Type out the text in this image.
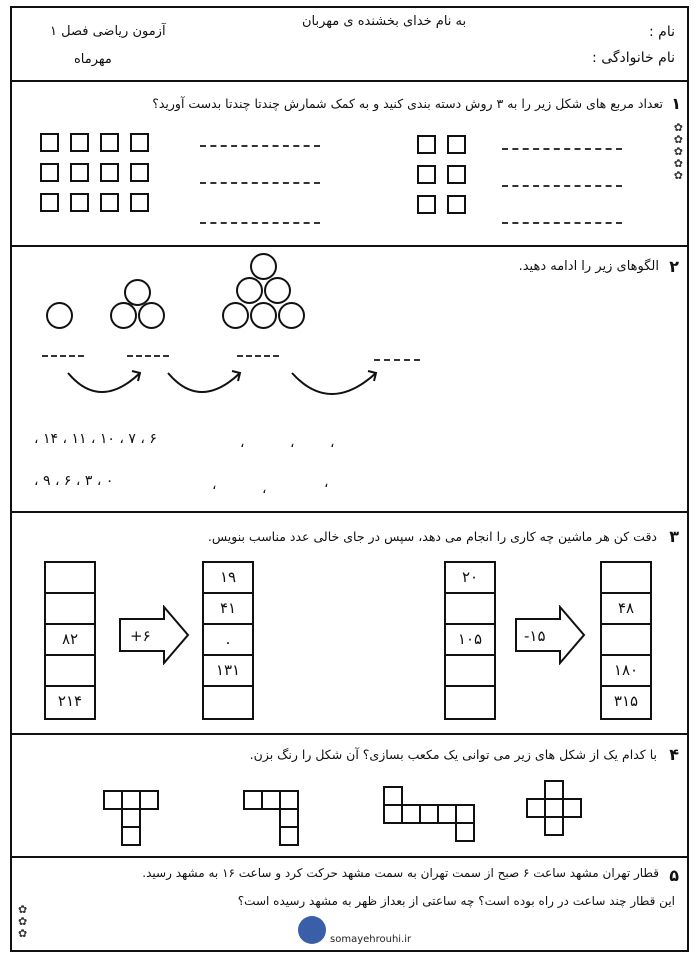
به نام خدای بخشنده ی مهربان
نام :
نام خانوادگی :
آزمون ریاضی فصل ۱
مهرماه
۱
تعداد مربع های شکل زیر را به ۳ روش دسته بندی کنید و به کمک شمارش چندتا چندتا بدست آورید؟
✿
✿
✿
✿
✿
۲
الگوهای زیر را ادامه دهید.
۶ ، ۷ ، ۱۰ ، ۱۱ ، ۱۴ ،	،	،	،
۰ ، ۳ ، ۶ ، ۹ ،	،	،	،
۳
دقت کن هر ماشین چه کاری را انجام می دهد، سپس در جای خالی عدد مناسب بنویس.
۸۲
۲۱۴
+۶
۱۹
۴۱
.
۱۳۱
۲۰
۱۰۵	-۱۵
۴۸
۱۸۰
۳۱۵
۴
با کدام یک از شکل های زیر می توانی یک مکعب بسازی؟ آن شکل را رنگ بزن.
۵
قطار تهران مشهد ساعت ۶ صبح از سمت تهران به سمت مشهد حرکت کرد و ساعت ۱۶ به مشهد رسید.
این قطار چند ساعت در راه بوده است؟ چه ساعتی از بعداز ظهر به مشهد رسیده است؟
✿
✿
✿	somayehrouhi.ir
